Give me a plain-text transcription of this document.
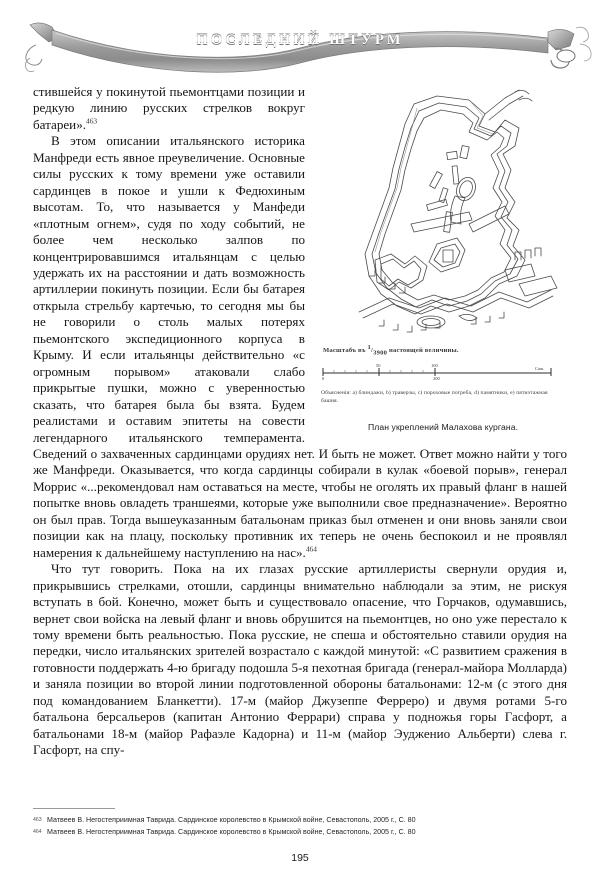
ПОСЛЕДНИЙ ШТУРМ
Масштабъ въ $^1/_{3900}$ настоящей величины.
0
50	100
200
Саж.
Объясненiя: а) блиндажи, b) траверзы, с) пороховые погреба, d) памятники, е) пятиэтажная башня.
План укреплений Малахова кургана.

стившейся у покинутой пьемонтцами позиции и редкую линию русских стрелков вокруг батареи».$^{463}$

В этом описании итальянского историка Манфреди есть явное преувеличение. Основные силы русских к тому времени уже оставили сардинцев в покое и ушли к Федюхиным высотам. То, что называется у Манфеди «плотным огнем», судя по ходу событий, не более чем несколько залпов по концентрировавшимся итальянцам с целью удержать их на расстоянии и дать возможность артиллерии покинуть позиции. Если бы батарея открыла стрельбу картечью, то сегодня мы бы не говорили о столь малых потерях пьемонтского экспедиционного корпуса в Крыму. И если итальянцы действительно «с огромным порывом» атаковали слабо прикрытые пушки, можно с уверенностью сказать, что батарея была бы взята. Будем реалистами и оставим эпитеты на совести легендарного итальянского темперамента. Сведений о захваченных сардинцами орудиях нет. И быть не может. Ответ можно найти у того же Манфреди. Оказывается, что когда сардинцы собирали в кулак «боевой порыв», генерал Моррис «...рекомендовал нам оставаться на месте, чтобы не оголять их правый фланг в нашей попытке вновь овладеть траншеями, которые уже выполнили свое предназначение». Вероятно он был прав. Тогда вышеуказанным батальонам приказ был отменен и они вновь заняли свои позиции как на плацу, поскольку противник их теперь не очень беспокоил и не проявлял намерения к дальнейшему наступлению на нас».$^{464}$

Что тут говорить. Пока на их глазах русские артиллеристы свернули орудия и, прикрывшись стрелками, отошли, сардинцы внимательно наблюдали за этим, не рискуя вступать в бой. Конечно, может быть и существовало опасение, что Горчаков, одумавшись, вернет свои войска на левый фланг и вновь обрушится на пьемонтцев, но оно уже перестало к тому времени быть реальностью. Пока русские, не спеша и обстоятельно ставили орудия на передки, число итальянских зрителей возрастало с каждой минутой: «С развитием сражения в готовности поддержать 4-ю бригаду подошла 5-я пехотная бригада (генерал-майора Молларда) и заняла позиции во второй линии подготовленной обороны батальонами: 12-м (с этого дня под командованием Бланкетти). 17-м (майор Джузеппе Ферреро) и двумя ротами 5-го батальона берсальеров (капитан Антонио Феррари) справа у подножья горы Гасфорт, а батальонами 18-м (майор Рафаэле Кадорна) и 11-м (майор Эудженио Альберти) слева г. Гасфорт, на спу-

463 Матвеев В. Негостеприимная Таврида. Сардинское королевство в Крымской войне, Севастополь, 2005 г., С. 80
464 Матвеев В. Негостеприимная Таврида. Сардинское королевство в Крымской войне, Севастополь, 2005 г., С. 80
195
